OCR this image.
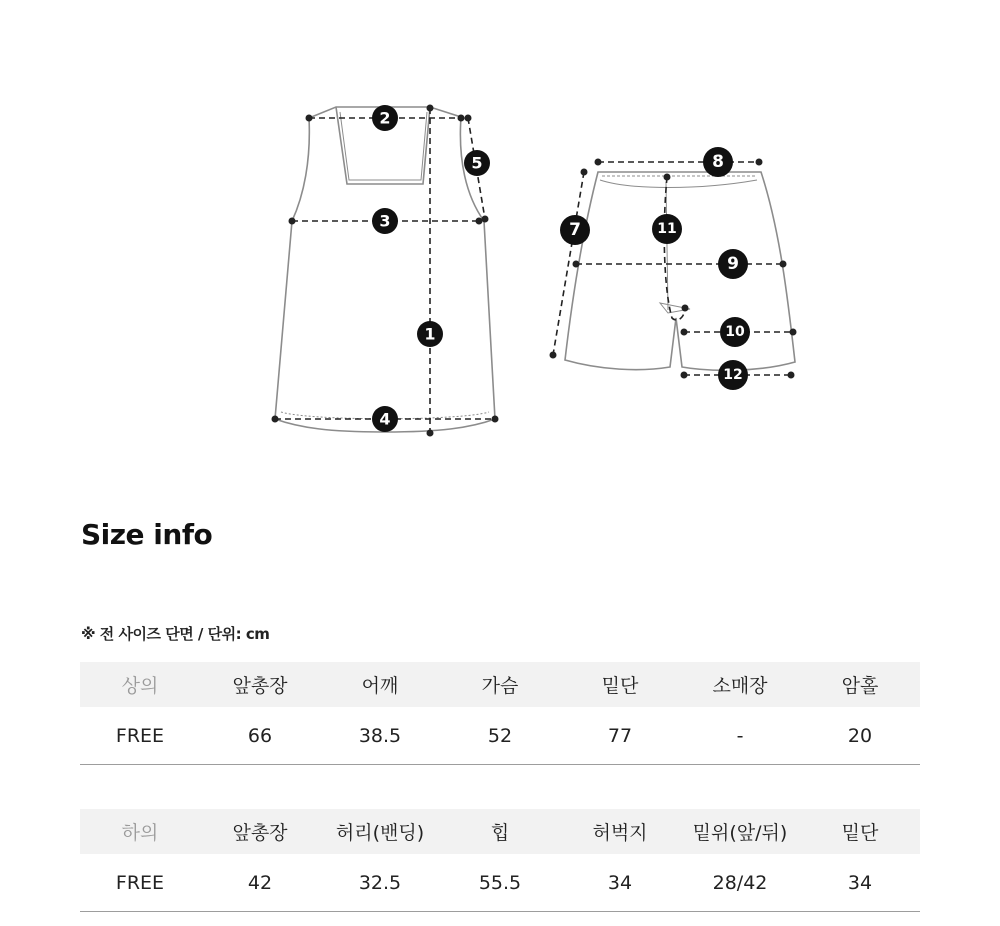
1
2
3
4
5
7
8
9
10
11
12
Size info
※ 전 사이즈 단면 / 단위: cm
상의	앞총장	어깨	가슴	밑단	소매장	암홀
FREE	66	38.5	52	77	-	20
하의	앞총장	허리(밴딩)	힙	허벅지	밑위(앞/뒤)	밑단
FREE	42	32.5	55.5	34	28/42	34
